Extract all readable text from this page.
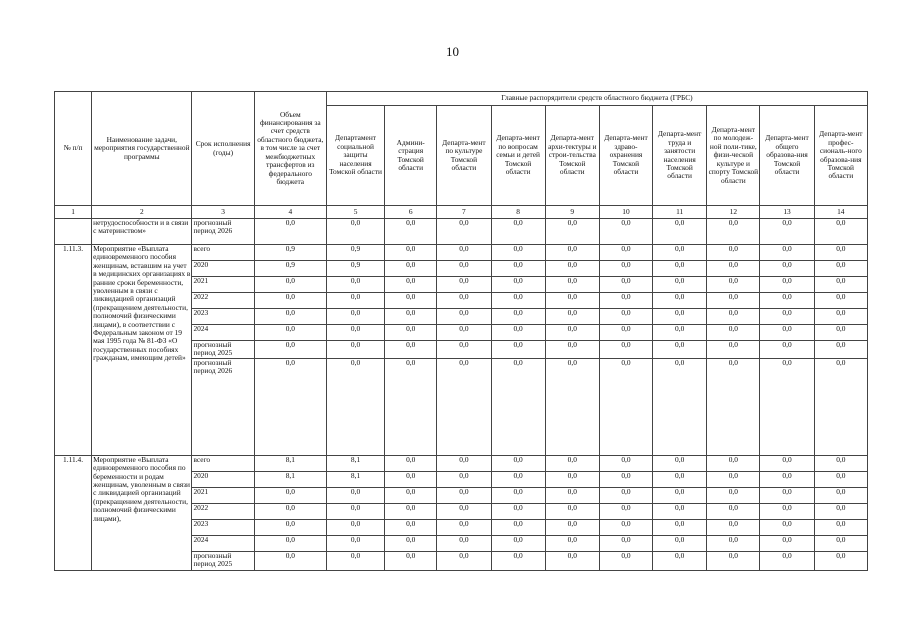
10
№ п/п	Наименование задачи, мероприятия государственной программы	Срок исполнения (годы)	Объем финансирования за счет средств областного бюджета, в том числе за счет межбюджетных трансфертов из федерального бюджета	Главные распорядители средств областного бюджета (ГРБС)									
				Департамент социальной защиты населения Томской области	Админи-страция Томской области	Департа-мент по культуре Томской области	Департа-мент по вопросам семьи и детей Томской области	Департа-мент архи-тектуры и строи-тельства Томской области	Департа-мент здраво-охранения Томской области	Департа-мент труда и занятости населения Томской области	Департа-мент по молодеж-ной поли-тике, физи-ческой культуре и спорту Томской области	Департа-мент общего образова-ния Томской области	Департа-мент профес-сиональ-ного образова-ния Томской области
1	2	3	4	5	6	7	8	9	10	11	12	13	14
	нетрудоспособности и в связи с материнством»	прогнозный период 2026	0,0	0,0	0,0	0,0	0,0	0,0	0,0	0,0	0,0	0,0	0,0
1.11.3.	Мероприятие «Выплата единовременного пособия женщинам, вставшим на учет в медицинских организациях в ранние сроки беременности, уволенным в связи с ликвидацией организаций (прекращением деятельности, полномочий физическими лицами), в соответствии с Федеральным законом от 19 мая 1995 года № 81-ФЗ «О государственных пособиях гражданам, имеющим детей»	всего	0,9	0,9	0,0	0,0	0,0	0,0	0,0	0,0	0,0	0,0	0,0
		2020	0,9	0,9	0,0	0,0	0,0	0,0	0,0	0,0	0,0	0,0	0,0
		2021	0,0	0,0	0,0	0,0	0,0	0,0	0,0	0,0	0,0	0,0	0,0
		2022	0,0	0,0	0,0	0,0	0,0	0,0	0,0	0,0	0,0	0,0	0,0
		2023	0,0	0,0	0,0	0,0	0,0	0,0	0,0	0,0	0,0	0,0	0,0
		2024	0,0	0,0	0,0	0,0	0,0	0,0	0,0	0,0	0,0	0,0	0,0
		прогнозный период 2025	0,0	0,0	0,0	0,0	0,0	0,0	0,0	0,0	0,0	0,0	0,0
		прогнозный период 2026	0,0	0,0	0,0	0,0	0,0	0,0	0,0	0,0	0,0	0,0	0,0
1.11.4.	Мероприятие «Выплата единовременного пособия по беременности и родам женщинам, уволенным в связи с ликвидацией организаций (прекращением деятельности, полномочий физическими лицами),	всего	8,1	8,1	0,0	0,0	0,0	0,0	0,0	0,0	0,0	0,0	0,0
		2020	8,1	8,1	0,0	0,0	0,0	0,0	0,0	0,0	0,0	0,0	0,0
		2021	0,0	0,0	0,0	0,0	0,0	0,0	0,0	0,0	0,0	0,0	0,0
		2022	0,0	0,0	0,0	0,0	0,0	0,0	0,0	0,0	0,0	0,0	0,0
		2023	0,0	0,0	0,0	0,0	0,0	0,0	0,0	0,0	0,0	0,0	0,0
		2024	0,0	0,0	0,0	0,0	0,0	0,0	0,0	0,0	0,0	0,0	0,0
		прогнозный период 2025	0,0	0,0	0,0	0,0	0,0	0,0	0,0	0,0	0,0	0,0	0,0
